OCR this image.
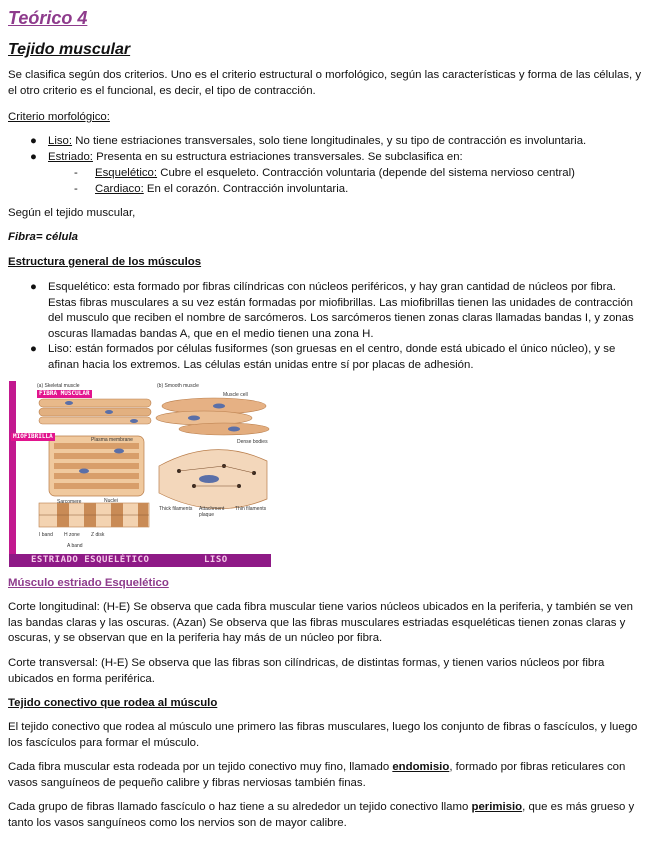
Teórico 4
Tejido muscular

Se clasifica según dos criterios. Uno es el criterio estructural o morfológico, según las características y forma de las células, y el otro criterio es el funcional, es decir, el tipo de contracción.

Criterio morfológico:

● Liso: No tiene estriaciones transversales, solo tiene longitudinales, y su tipo de contracción es involuntaria.
● Estriado: Presenta en su estructura estriaciones transversales. Se subclasifica en:
- Esquelético: Cubre el esqueleto. Contracción voluntaria (depende del sistema nervioso central)
- Cardiaco: En el corazón. Contracción involuntaria.

Según el tejido muscular,

Fibra= célula

Estructura general de los músculos

● Esquelético: esta formado por fibras cilíndricas con núcleos periféricos, y hay gran cantidad de núcleos por fibra. Estas fibras musculares a su vez están formadas por miofibrillas. Las miofibrillas tienen las unidades de contracción del musculo que reciben el nombre de sarcómeros. Los sarcómeros tienen zonas claras llamadas bandas I, y zonas oscuras llamadas bandas A, que en el medio tienen una zona H.
● Liso: están formados por células fusiformes (son gruesas en el centro, donde está ubicado el único núcleo), y se afinan hacia los extremos. Las células están unidas entre sí por placas de adhesión.
FIBRA MUSCULAR
MIOFIBRILLA
(a) Skeletal muscle	(b) Smooth muscle
Muscle cell
Plasma membrane
Nuclei
Sarcomere
Dense bodies
Thick filaments Attachment plaque
Thin filaments
I band H zone Z disk
A band
ESTRIADO ESQUELÉTICO	LISO

Músculo estriado Esquelético

Corte longitudinal: (H-E) Se observa que cada fibra muscular tiene varios núcleos ubicados en la periferia, y también se ven las bandas claras y las oscuras. (Azan) Se observa que las fibras musculares estriadas esqueléticas tienen zonas claras y oscuras, y se observan que en la periferia hay más de un núcleo por fibra.

Corte transversal: (H-E) Se observa que las fibras son cilíndricas, de distintas formas, y tienen varios núcleos por fibra ubicados en forma periférica.

Tejido conectivo que rodea al músculo

El tejido conectivo que rodea al músculo une primero las fibras musculares, luego los conjunto de fibras o fascículos, y luego los fascículos para formar el músculo.

Cada fibra muscular esta rodeada por un tejido conectivo muy fino, llamado endomisio, formado por fibras reticulares con vasos sanguíneos de pequeño calibre y fibras nerviosas también finas.

Cada grupo de fibras llamado fascículo o haz tiene a su alrededor un tejido conectivo llamo perimisio, que es más grueso y tanto los vasos sanguíneos como los nervios son de mayor calibre.
